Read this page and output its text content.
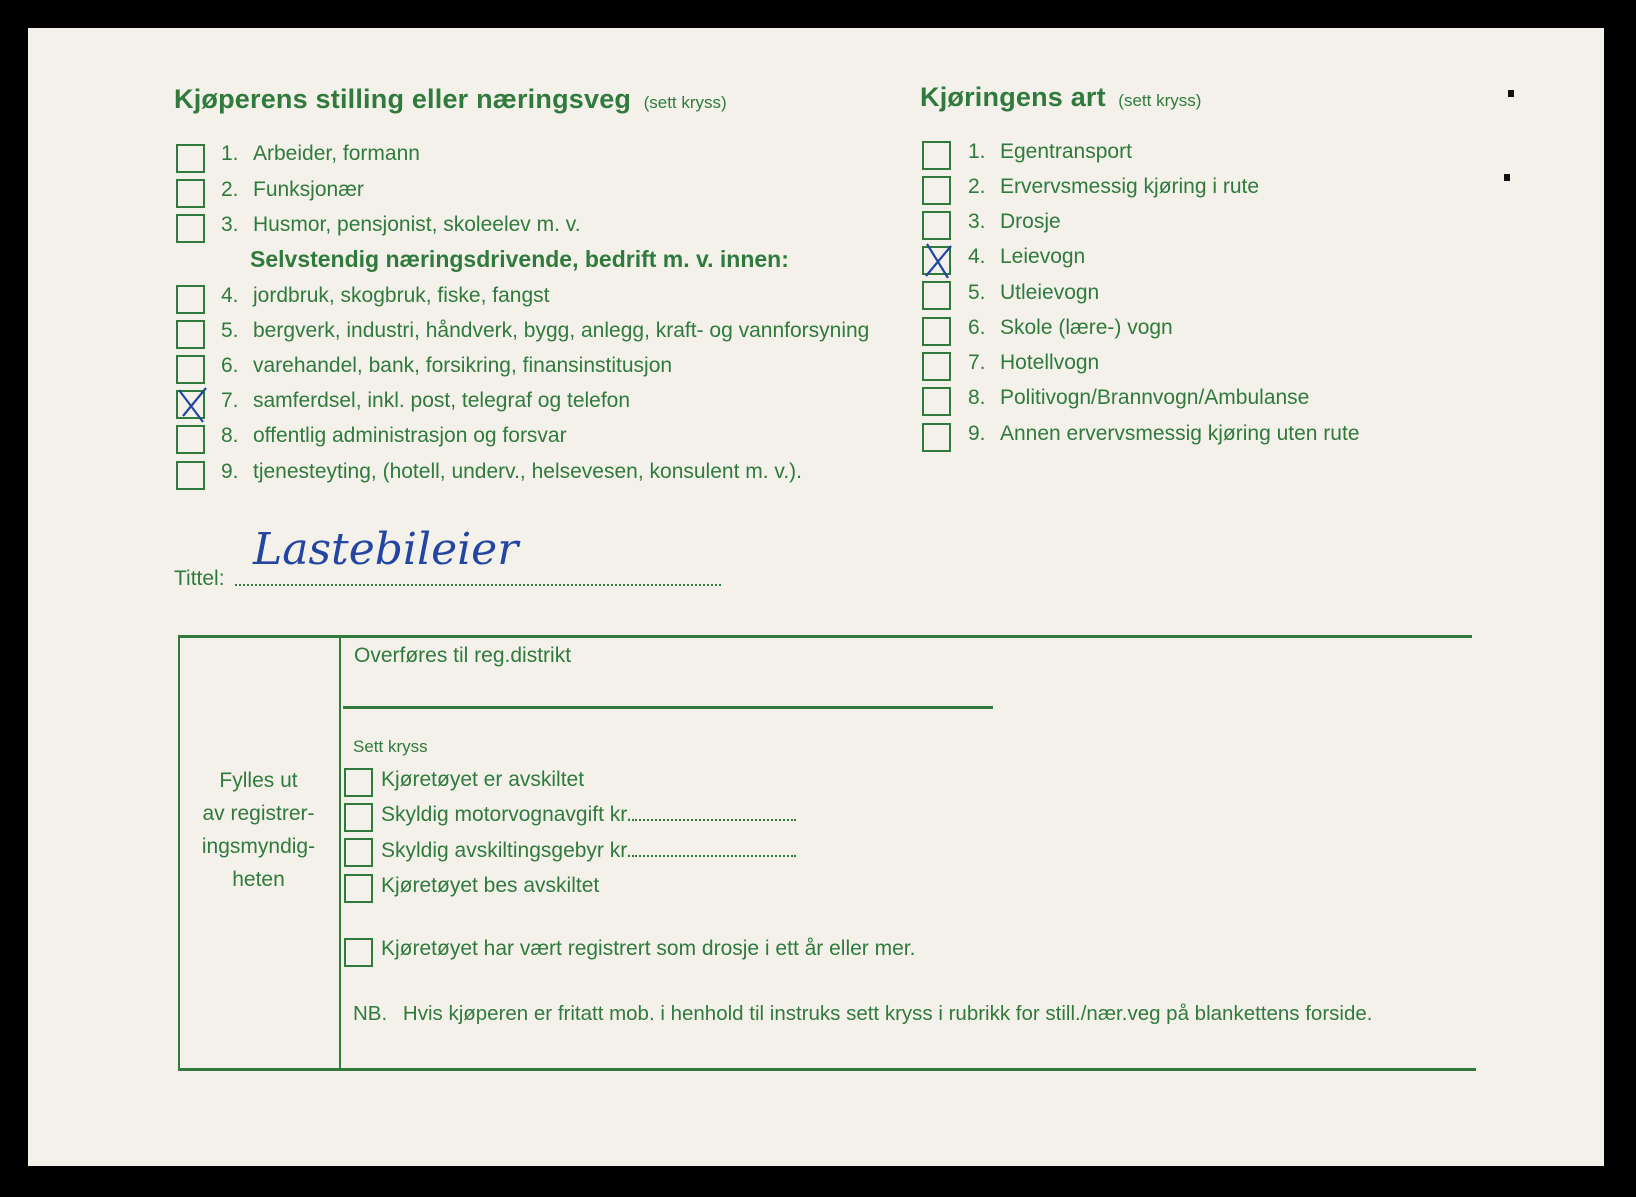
Kjøperens stilling eller næringsveg (sett kryss)	Kjøringens art (sett kryss)
1. Arbeider, formann
2. Funksjonær
3. Husmor, pensjonist, skoleelev m. v.
Selvstendig næringsdrivende, bedrift m. v. innen:
4. jordbruk, skogbruk, fiske, fangst
5. bergverk, industri, håndverk, bygg, anlegg, kraft- og vannforsyning
6. varehandel, bank, forsikring, finansinstitusjon
7. samferdsel, inkl. post, telegraf og telefon
8. offentlig administrasjon og forsvar
9. tjenesteyting, (hotell, underv., helsevesen, konsulent m. v.).
Tittel:
Lastebileier
1. Egentransport
2. Ervervsmessig kjøring i rute
3. Drosje
4. Leievogn
5. Utleievogn
6. Skole (lære-) vogn
7. Hotellvogn
8. Politivogn/Brannvogn/Ambulanse
9. Annen ervervsmessig kjøring uten rute
Fylles ut
av registrer-
ingsmyndig-
heten
Overføres til reg.distrikt
Sett kryss
Kjøretøyet er avskiltet
Skyldig motorvognavgift kr.
Skyldig avskiltingsgebyr kr.
Kjøretøyet bes avskiltet
Kjøretøyet har vært registrert som drosje i ett år eller mer.
NB. Hvis kjøperen er fritatt mob. i henhold til instruks sett kryss i rubrikk for still./nær.veg på blankettens forside.
